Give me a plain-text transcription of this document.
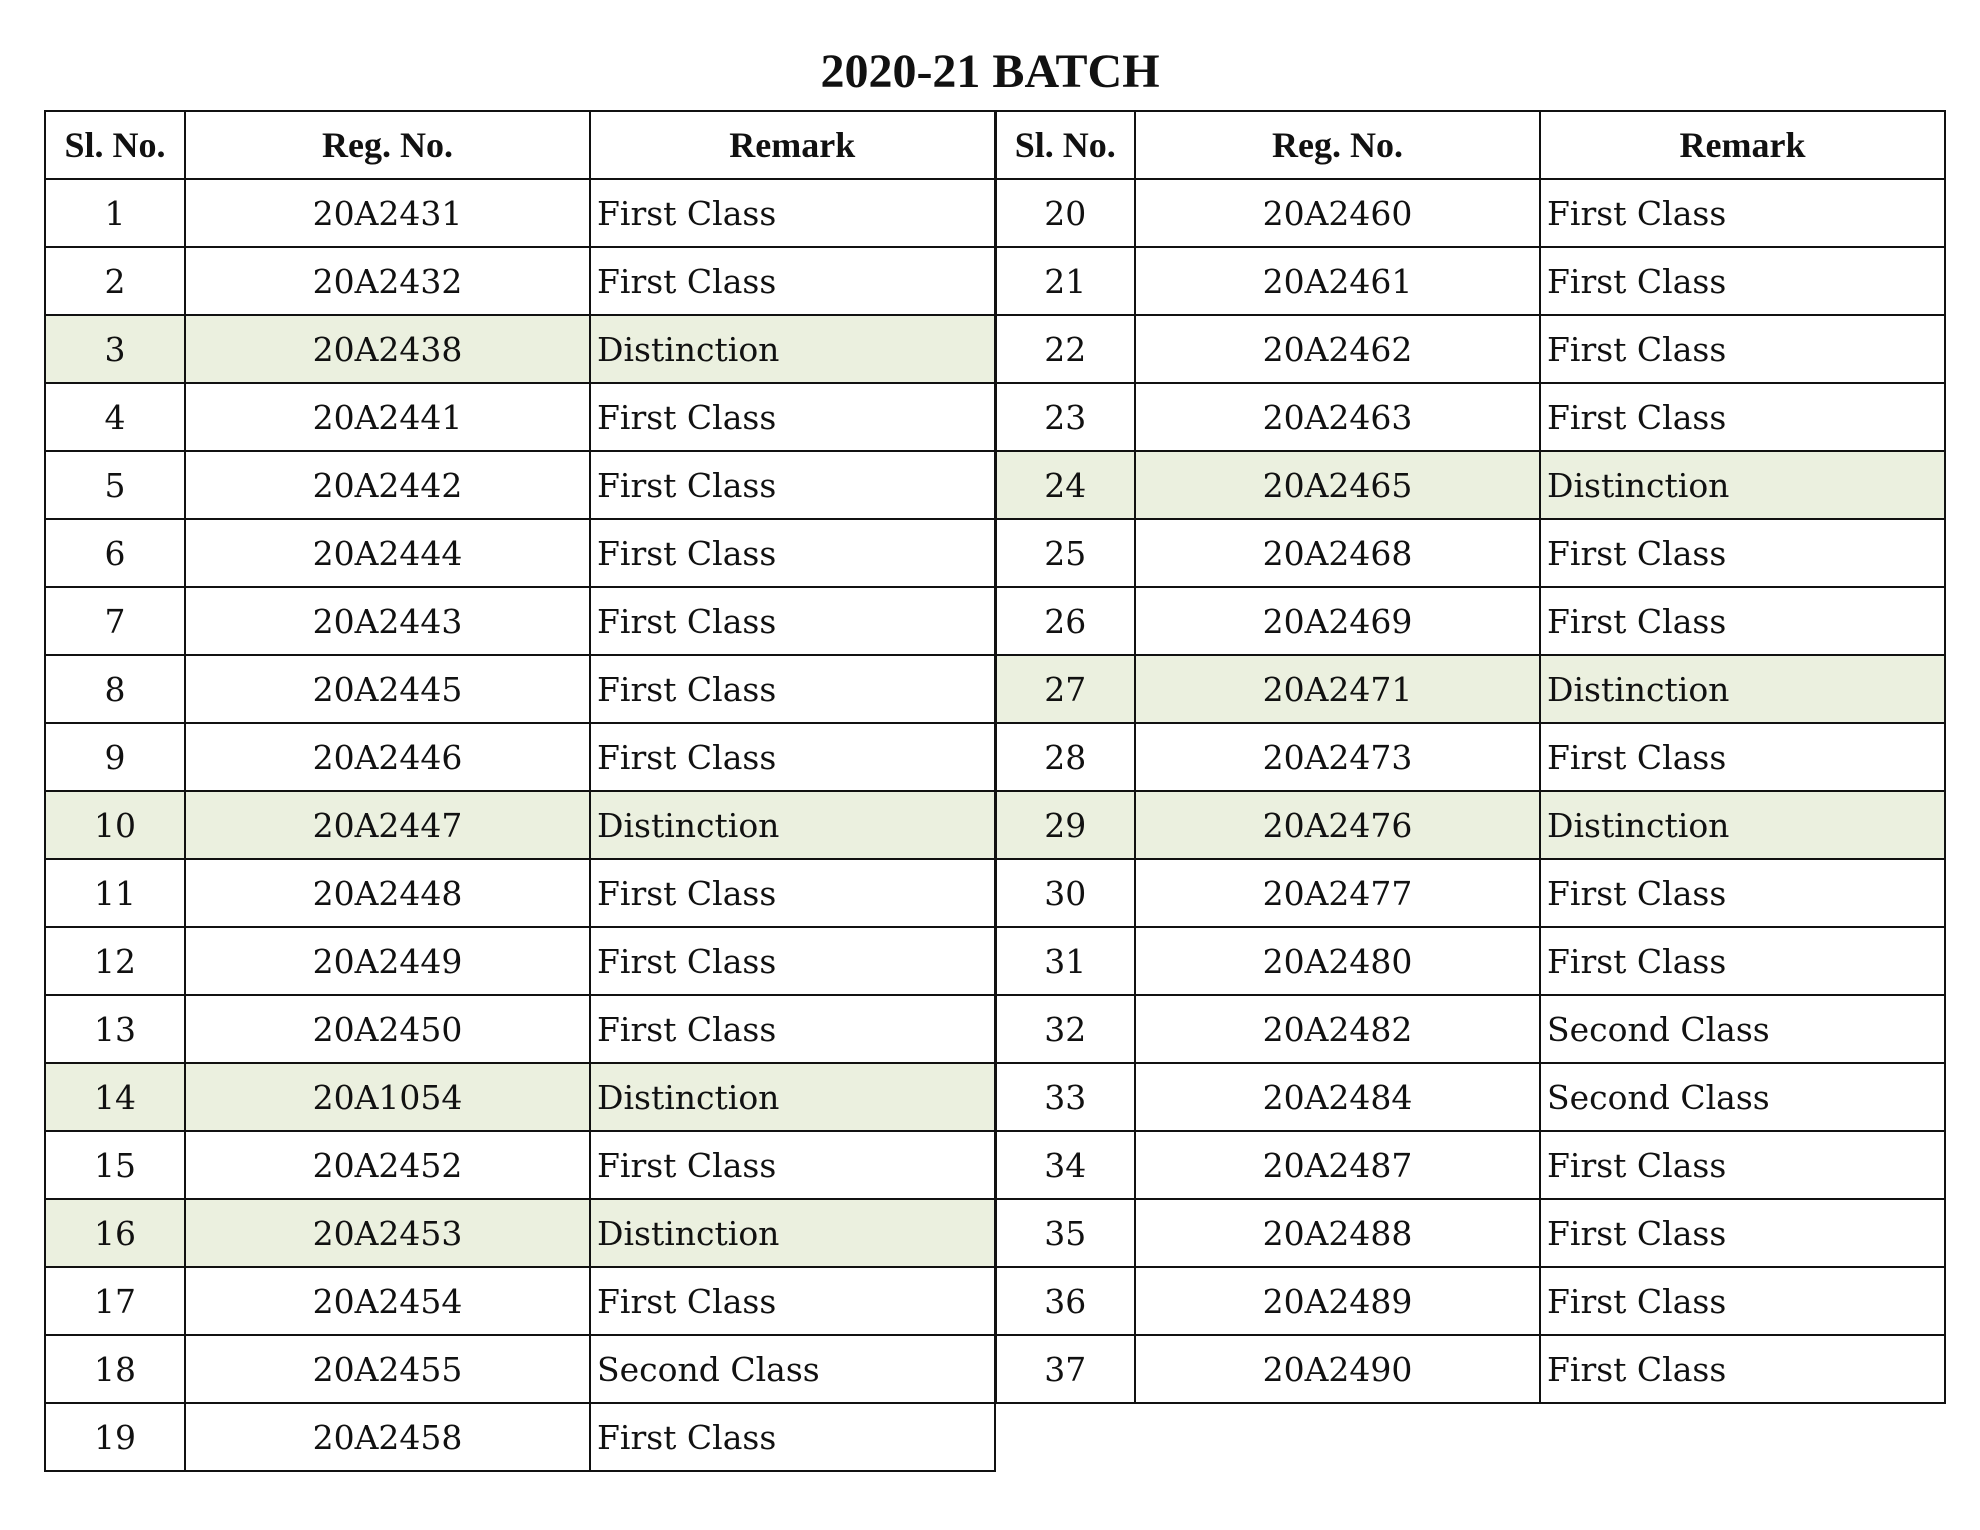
2020-21 BATCH
Sl. No.	Reg. No.	Remark	Sl. No.	Reg. No.	Remark
1	20A2431	First Class	20	20A2460	First Class
2	20A2432	First Class	21	20A2461	First Class
3	20A2438	Distinction	22	20A2462	First Class
4	20A2441	First Class	23	20A2463	First Class
5	20A2442	First Class	24	20A2465	Distinction
6	20A2444	First Class	25	20A2468	First Class
7	20A2443	First Class	26	20A2469	First Class
8	20A2445	First Class	27	20A2471	Distinction
9	20A2446	First Class	28	20A2473	First Class
10	20A2447	Distinction	29	20A2476	Distinction
11	20A2448	First Class	30	20A2477	First Class
12	20A2449	First Class	31	20A2480	First Class
13	20A2450	First Class	32	20A2482	Second Class
14	20A1054	Distinction	33	20A2484	Second Class
15	20A2452	First Class	34	20A2487	First Class
16	20A2453	Distinction	35	20A2488	First Class
17	20A2454	First Class	36	20A2489	First Class
18	20A2455	Second Class	37	20A2490	First Class
19	20A2458	First Class			
